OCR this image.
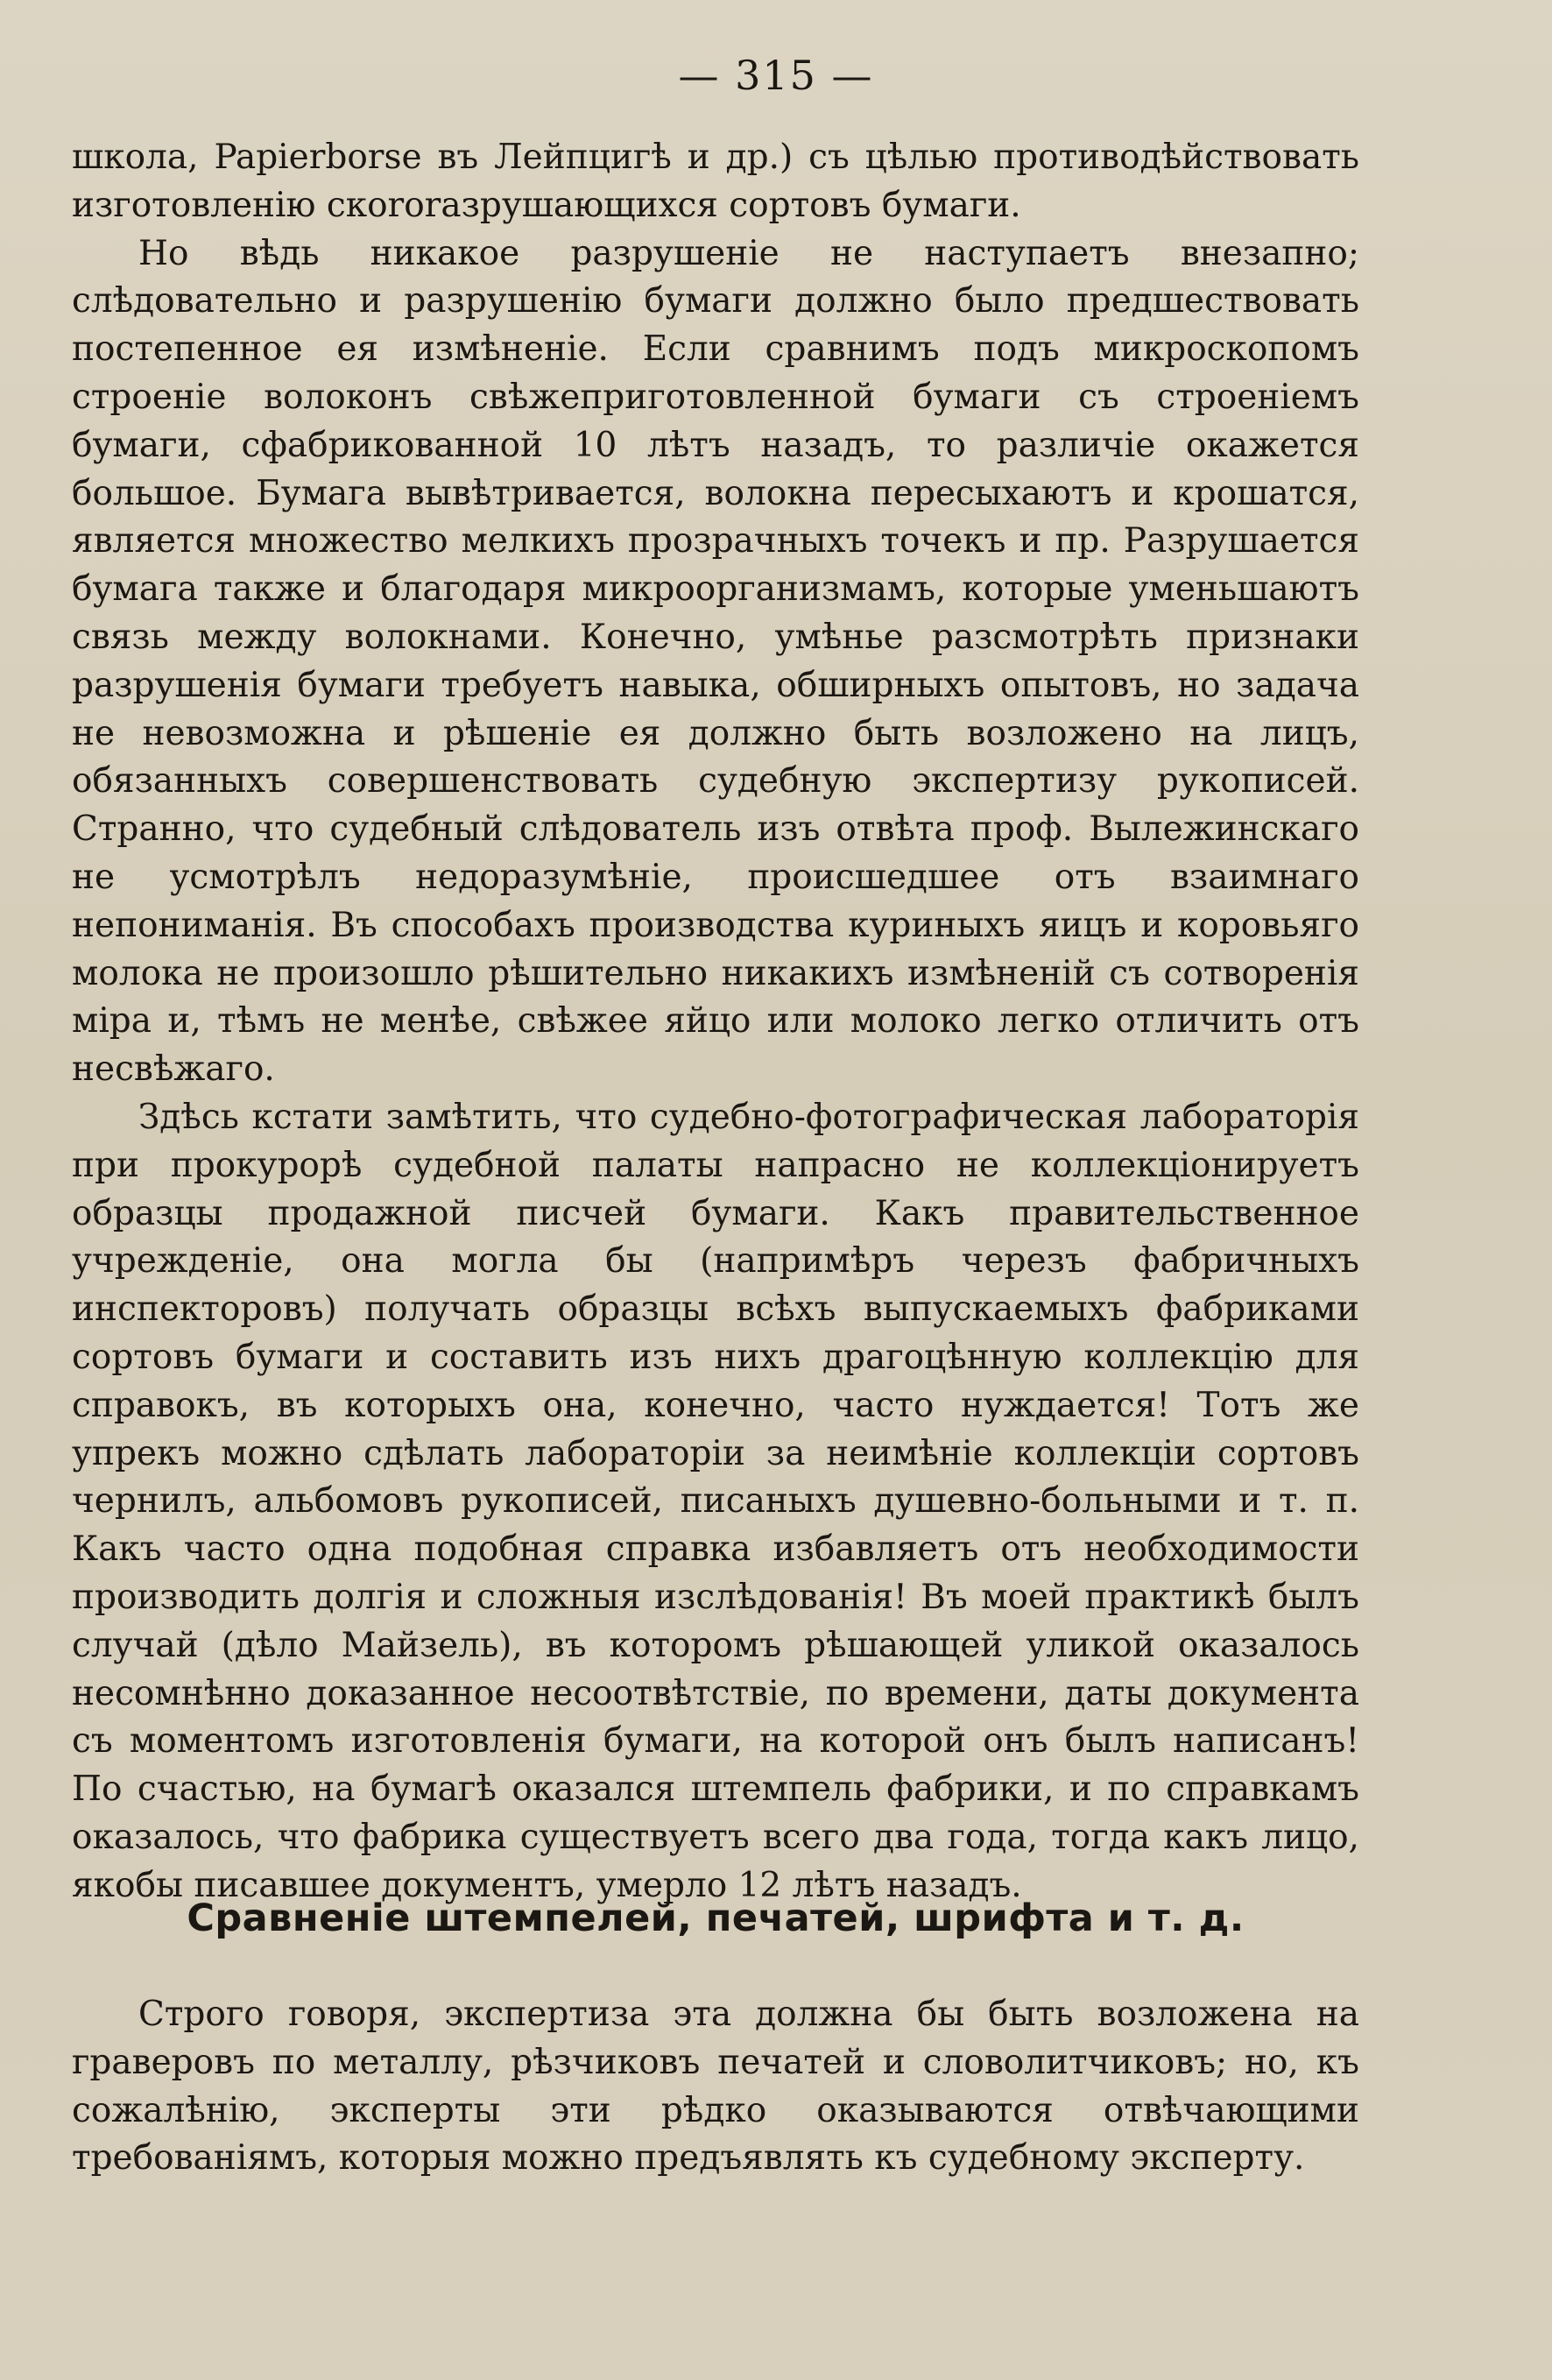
— 315 —

школа, Papierborse въ Лейпцигѣ и др.) съ цѣлью противодѣйствовать изготовленію скororазрушающихся сортовъ бумаги.

Но вѣдь никакое разрушеніе не наступаетъ внезапно; слѣдовательно и разрушенію бумаги должно было предшествовать постепенное ея измѣненіе. Если сравнимъ подъ микроскопомъ строеніе волоконъ свѣжеприготовленной бумаги съ строеніемъ бумаги, сфабрикованной 10 лѣтъ назадъ, то различіе окажется большое. Бумага вывѣтривается, волокна пересыхаютъ и крошатся, является множество мелкихъ прозрачныхъ точекъ и пр. Разрушается бумага также и благодаря микроорганизмамъ, которые уменьшаютъ связь между волокнами. Конечно, умѣнье разсмотрѣть признаки разрушенія бумаги требуетъ навыка, обширныхъ опытовъ, но задача не невозможна и рѣшеніе ея должно быть возложено на лицъ, обязанныхъ совершенствовать судебную экспертизу рукописей. Странно, что судебный слѣдователь изъ отвѣта проф. Вылежинскаго не усмотрѣлъ недоразумѣніе, происшедшее отъ взаимнаго непониманія. Въ способахъ производства куриныхъ яицъ и коровьяго молока не произошло рѣшительно никакихъ измѣненій съ сотворенія міра и, тѣмъ не менѣе, свѣжее яйцо или молоко легко отличить отъ несвѣжаго.

Здѣсь кстати замѣтить, что судебно-фотографическая лабораторія при прокурорѣ судебной палаты напрасно не коллекціонируетъ образцы продажной писчей бумаги. Какъ правительственное учрежденіе, она могла бы (напримѣръ черезъ фабричныхъ инспекторовъ) получать образцы всѣхъ выпускаемыхъ фабриками сортовъ бумаги и составить изъ нихъ драгоцѣнную коллекцію для справокъ, въ которыхъ она, конечно, часто нуждается! Тотъ же упрекъ можно сдѣлать лабораторіи за неимѣніе коллекціи сортовъ чернилъ, альбомовъ рукописей, писаныхъ душевно-больными и т. п. Какъ часто одна подобная справка избавляетъ отъ необходимости производить долгія и сложныя изслѣдованія! Въ моей практикѣ былъ случай (дѣло Майзель), въ которомъ рѣшающей уликой оказалось несомнѣнно доказанное несоотвѣтствіе, по времени, даты документа съ моментомъ изготовленія бумаги, на которой онъ былъ написанъ! По счастью, на бумагѣ оказался штемпель фабрики, и по справкамъ оказалось, что фабрика существуетъ всего два года, тогда какъ лицо, якобы писавшее документъ, умерло 12 лѣтъ назадъ.

Сравненіе штемпелей, печатей, шрифта и т. д.

Строго говоря, экспертиза эта должна бы быть возложена на граверовъ по металлу, рѣзчиковъ печатей и словолитчиковъ; но, къ сожалѣнію, эксперты эти рѣдко оказываются отвѣчающими требованіямъ, которыя можно предъявлять къ судебному эксперту.
